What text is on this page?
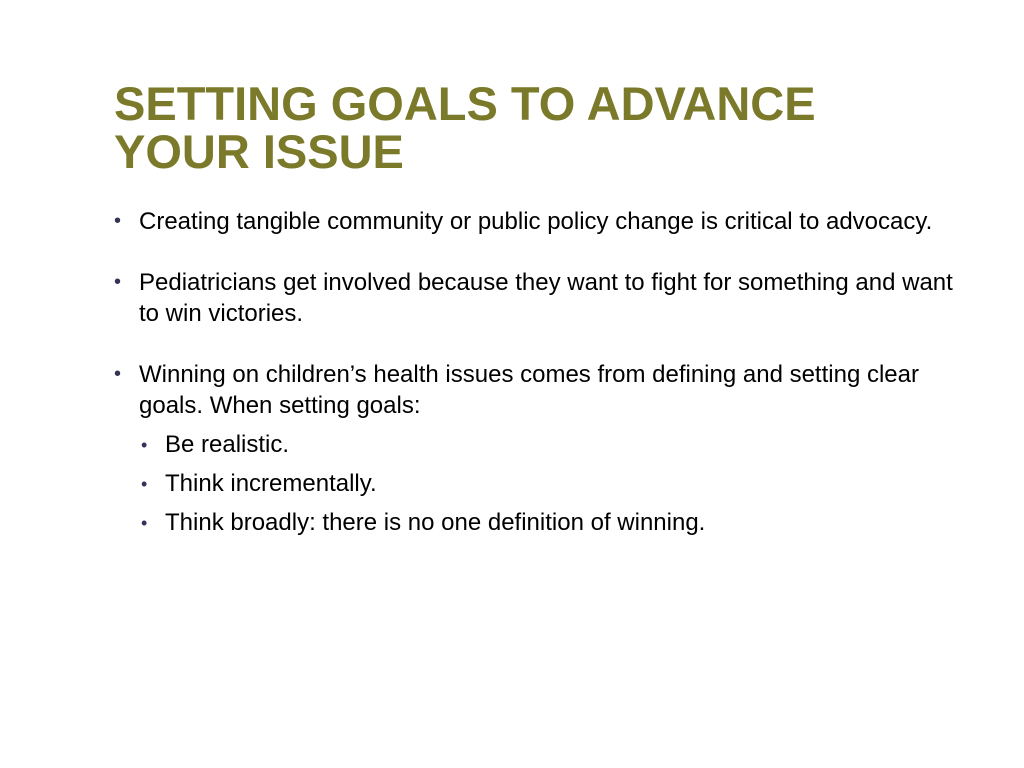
SETTING GOALS TO ADVANCE YOUR ISSUE
• Creating tangible community or public policy change is critical to advocacy.
• Pediatricians get involved because they want to fight for something and want to win victories.
• Winning on children’s health issues comes from defining and setting clear goals. When setting goals:
• Be realistic.
• Think incrementally.
• Think broadly: there is no one definition of winning.
